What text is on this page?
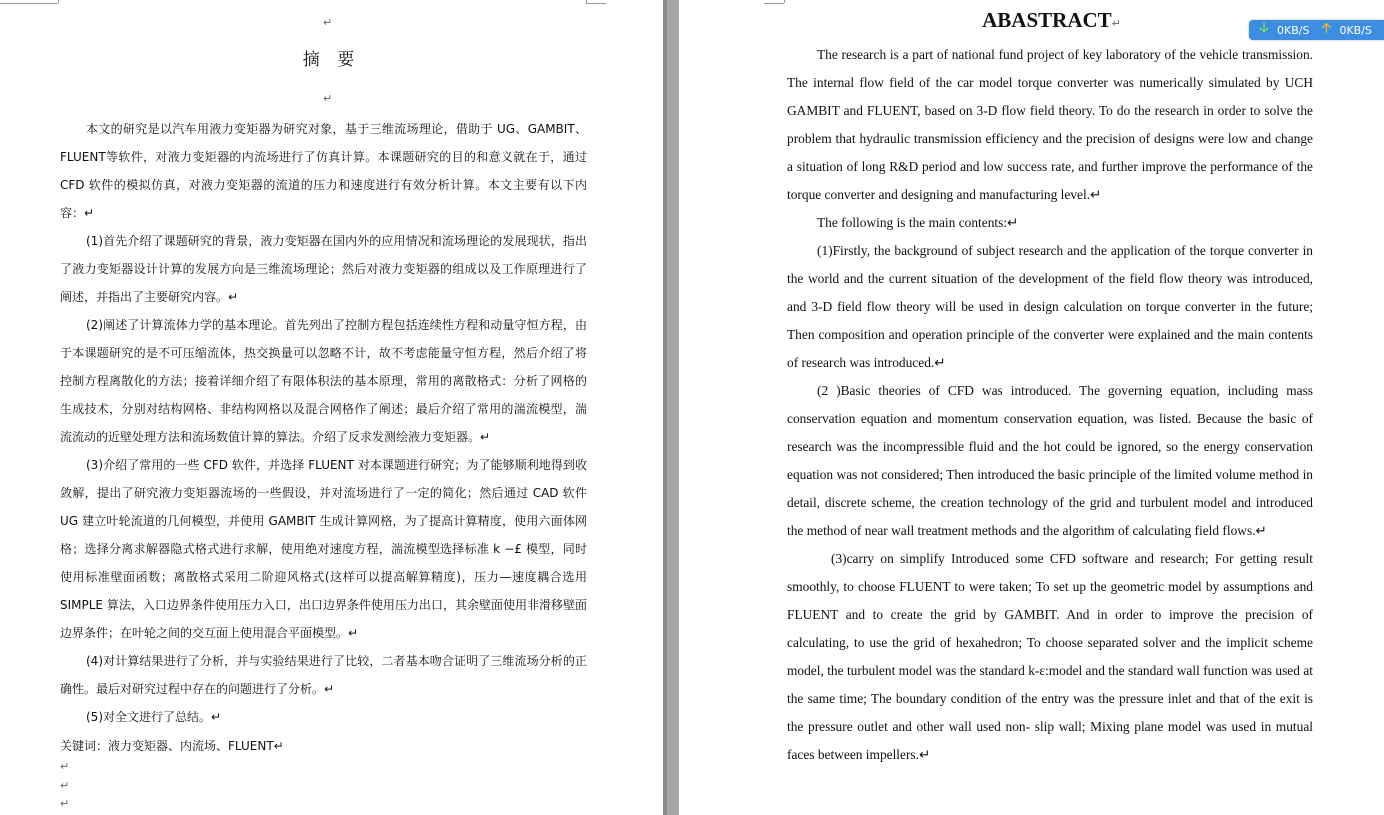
↵
摘 要
↵

本文的研究是以汽车用液力变矩器为研究对象，基于三维流场理论，借助于 UG、GAMBIT、FLUENT等软件，对液力变矩器的内流场进行了仿真计算。本课题研究的目的和意义就在于，通过 CFD 软件的模拟仿真，对液力变矩器的流道的压力和速度进行有效分析计算。本文主要有以下内容：↵

(1)首先介绍了课题研究的背景，液力变矩器在国内外的应用情况和流场理论的发展现状，指出了液力变矩器设计计算的发展方向是三维流场理论；然后对液力变矩器的组成以及工作原理进行了阐述，并指出了主要研究内容。↵

(2)阐述了计算流体力学的基本理论。首先列出了控制方程包括连续性方程和动量守恒方程，由于本课题研究的是不可压缩流体，热交换量可以忽略不计，故不考虑能量守恒方程，然后介绍了将控制方程离散化的方法；接着详细介绍了有限体积法的基本原理，常用的离散格式：分析了网格的生成技术，分别对结构网格、非结构网格以及混合网格作了阐述；最后介绍了常用的湍流模型，湍流流动的近壁处理方法和流场数值计算的算法。介绍了反求发测绘液力变矩器。↵

(3)介绍了常用的一些 CFD 软件，并选择 FLUENT 对本课题进行研究；为了能够顺利地得到收敛解，提出了研究液力变矩器流场的一些假设，并对流场进行了一定的简化；然后通过 CAD 软件 UG 建立叶轮流道的几何模型，并使用 GAMBIT 生成计算网格，为了提高计算精度，使用六面体网格；选择分离求解器隐式格式进行求解，使用绝对速度方程，湍流模型选择标准 k −£ 模型，同时使用标准壁面函数；离散格式采用二阶迎风格式(这样可以提高解算精度)，压力—速度耦合选用 SIMPLE 算法，入口边界条件使用压力入口，出口边界条件使用压力出口，其余壁面使用非滑移壁面边界条件；在叶轮之间的交互面上使用混合平面模型。↵

(4)对计算结果进行了分析，并与实验结果进行了比较，二者基本吻合证明了三维流场分析的正确性。最后对研究过程中存在的问题进行了分析。↵

(5)对全文进行了总结。↵

关键词：液力变矩器、内流场、FLUENT↵

↵
↵
↵
ABASTRACT↵

The research is a part of national fund project of key laboratory of the vehicle transmission. The internal flow field of the car model torque converter was numerically simulated by UCH GAMBIT and FLUENT, based on 3-D flow field theory. To do the research in order to solve the problem that hydraulic transmission efficiency and the precision of designs were low and change a situation of long R&D period and low success rate, and further improve the performance of the torque converter and designing and manufacturing level.↵

The following is the main contents:↵

(1)Firstly, the background of subject research and the application of the torque converter in the world and the current situation of the development of the field flow theory was introduced, and 3-D field flow theory will be used in design calculation on torque converter in the future; Then composition and operation principle of the converter were explained and the main contents of research was introduced.↵

(2 )Basic theories of CFD was introduced. The governing equation, including mass conservation equation and momentum conservation equation, was listed. Because the basic of research was the incompressible fluid and the hot could be ignored, so the energy conservation equation was not considered; Then introduced the basic principle of the limited volume method in detail, discrete scheme, the creation technology of the grid and turbulent model and introduced the method of near wall treatment methods and the algorithm of calculating field flows.↵

(3)carry on simplify Introduced some CFD software and research; For getting result smoothly, to choose FLUENT to were taken; To set up the geometric model by assumptions and FLUENT and to create the grid by GAMBIT. And in order to improve the precision of calculating, to use the grid of hexahedron; To choose separated solver and the implicit scheme model, the turbulent model was the standard k-ε:model and the standard wall function was used at the same time; The boundary condition of the entry was the pressure inlet and that of the exit is the pressure outlet and other wall used non- slip wall; Mixing plane model was used in mutual faces between impellers.↵

🡣 0KB/S 🡡 0KB/S
